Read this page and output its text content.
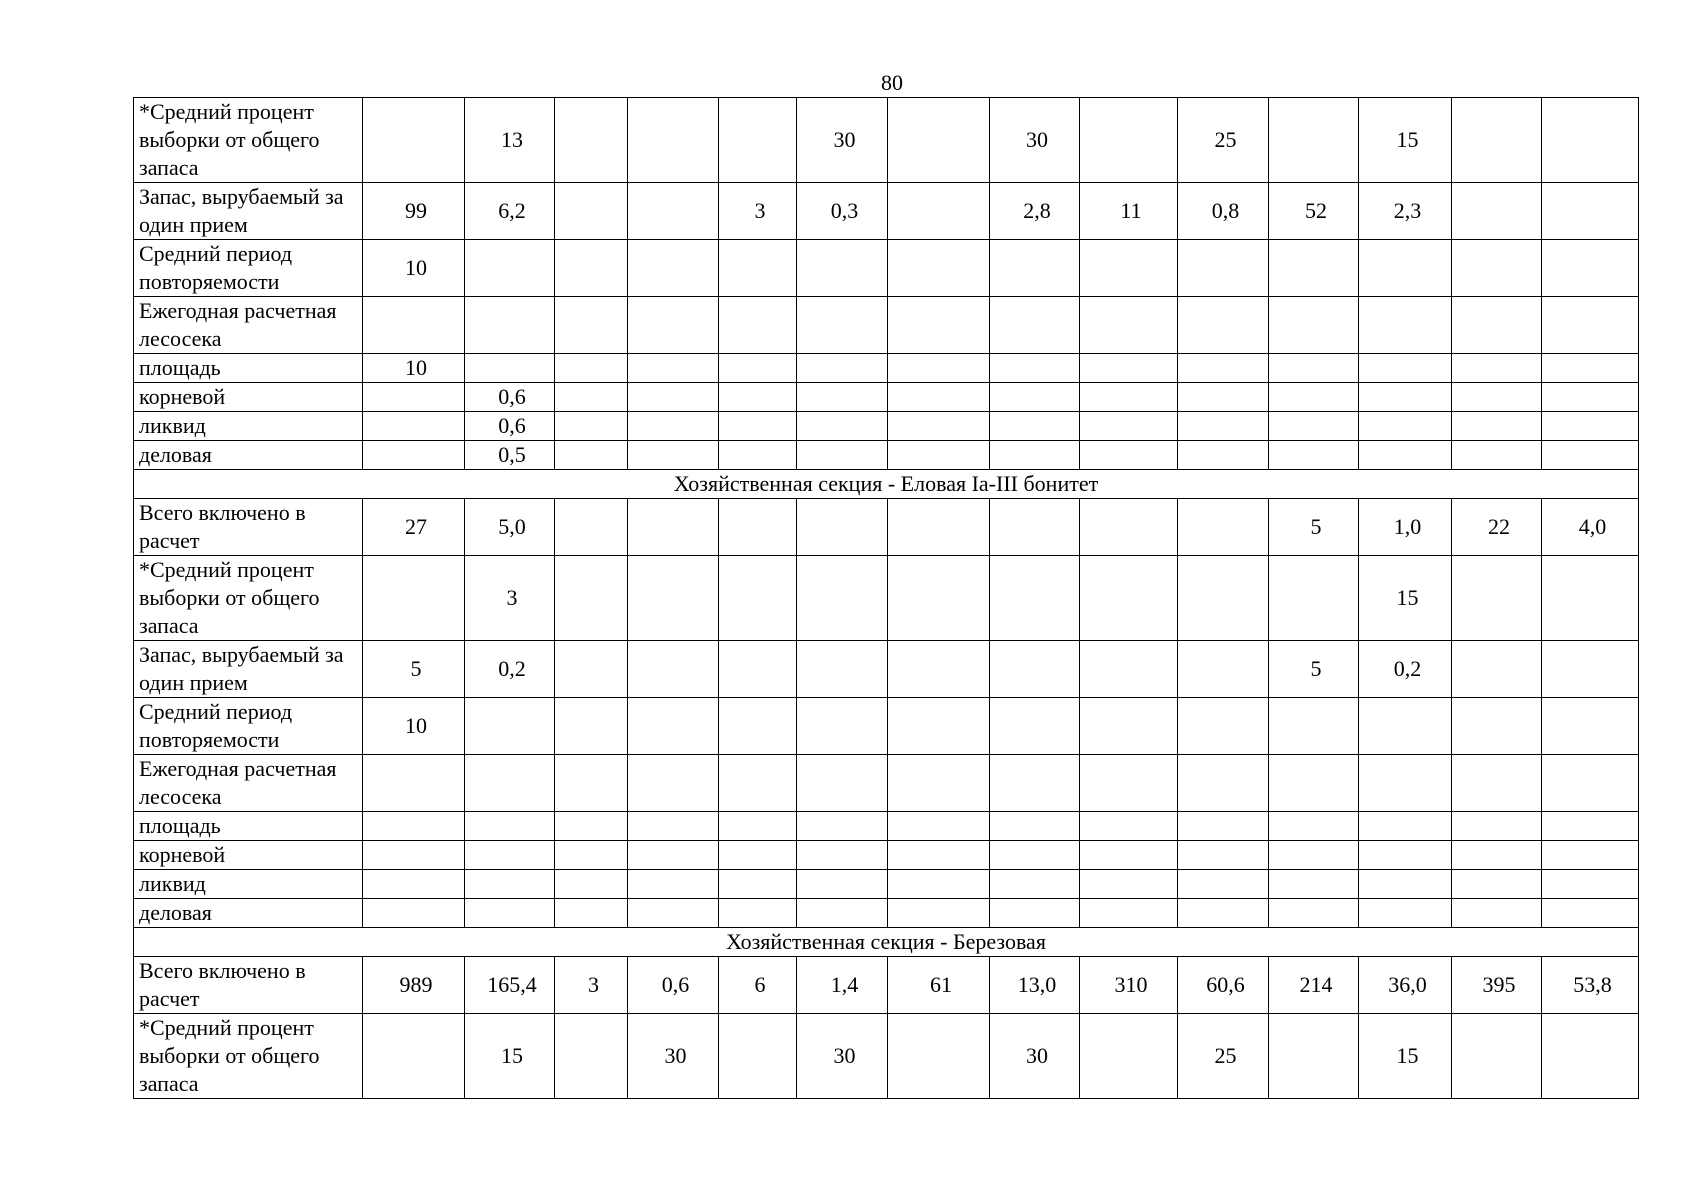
80
*Средний процент выборки от общего запаса		13				30		30		25		15		
Запас, вырубаемый за один прием	99	6,2			3	0,3		2,8	11	0,8	52	2,3		
Средний период повторяемости	10													
Ежегодная расчетная лесосека														
площадь	10													
корневой		0,6												
ликвид		0,6												
деловая		0,5												
Хозяйственная секция - Еловая Ia-III бонитет														
Всего включено в расчет	27	5,0									5	1,0	22	4,0
*Средний процент выборки от общего запаса		3										15		
Запас, вырубаемый за один прием	5	0,2									5	0,2		
Средний период повторяемости	10													
Ежегодная расчетная лесосека														
площадь														
корневой														
ликвид														
деловая														
Хозяйственная секция - Березовая														
Всего включено в расчет	989	165,4	3	0,6	6	1,4	61	13,0	310	60,6	214	36,0	395	53,8
*Средний процент выборки от общего запаса		15		30		30		30		25		15		
